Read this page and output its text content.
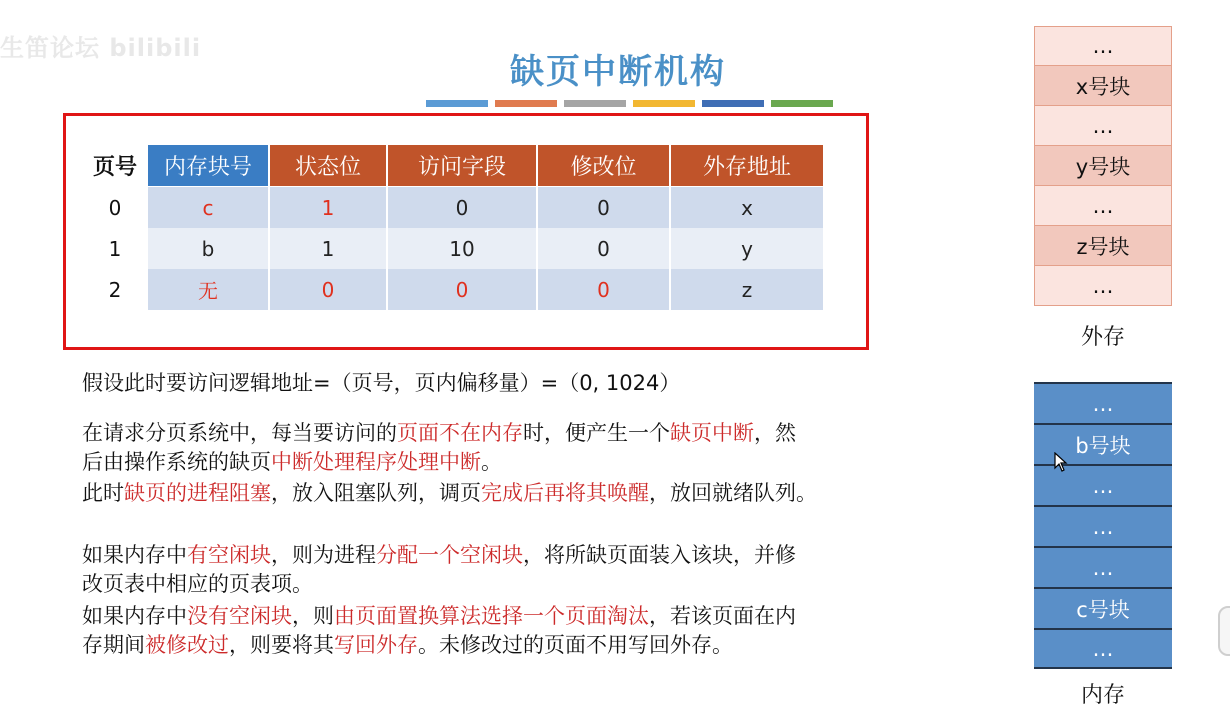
生笛论坛 bilibili
缺页中断机构
页号	内存块号	状态位	访问字段	修改位	外存地址
0	c	1	0	0	x
1	b	1	10	0	y
2	无	0	0	0	z
假设此时要访问逻辑地址=（页号，页内偏移量）=（0, 1024）
在请求分页系统中，每当要访问的页面不在内存时，便产生一个缺页中断，然
后由操作系统的缺页中断处理程序处理中断。
此时缺页的进程阻塞，放入阻塞队列，调页完成后再将其唤醒，放回就绪队列。
如果内存中有空闲块，则为进程分配一个空闲块，将所缺页面装入该块，并修
改页表中相应的页表项。
如果内存中没有空闲块，则由页面置换算法选择一个页面淘汰，若该页面在内
存期间被修改过，则要将其写回外存。未修改过的页面不用写回外存。
…
x号块
…
y号块
…
z号块
…
外存
…
b号块
…
…
…
c号块
…
内存
